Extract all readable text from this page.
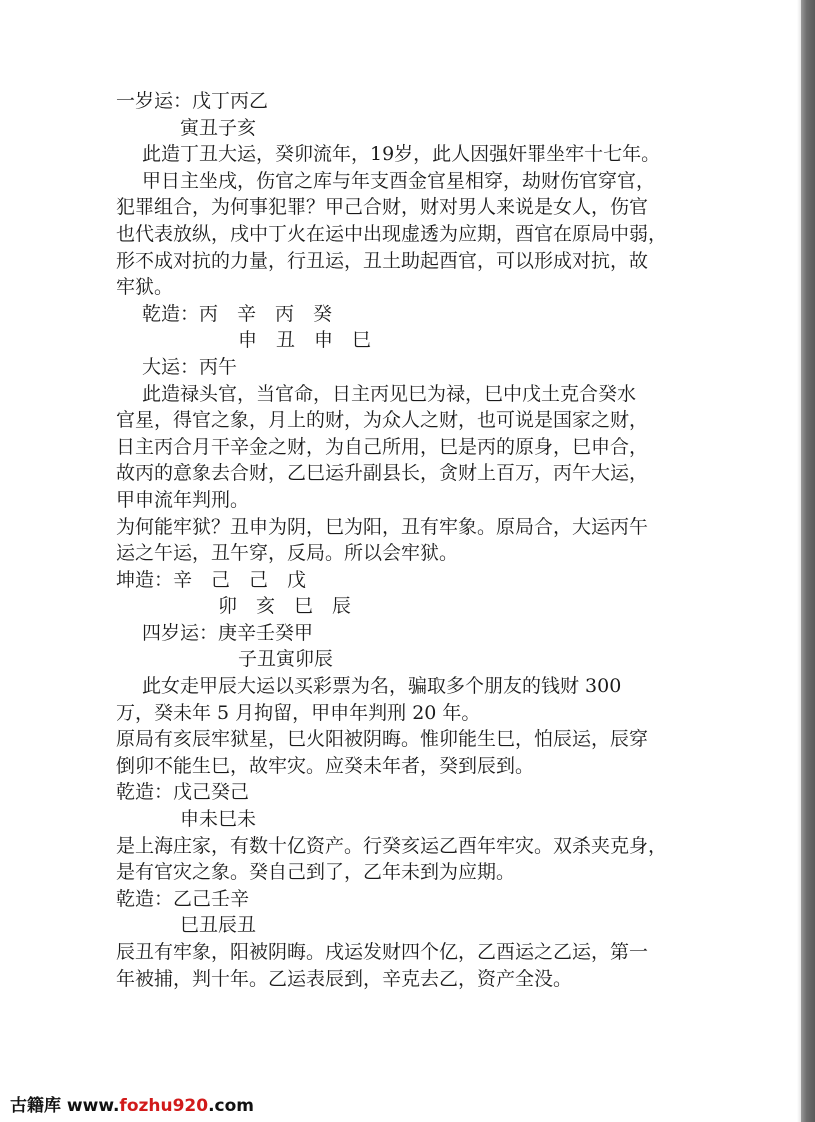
一岁运：戊丁丙乙
寅丑子亥
此造丁丑大运，癸卯流年，19岁，此人因强奸罪坐牢十七年。
甲日主坐戌，伤官之库与年支酉金官星相穿，劫财伤官穿官，
犯罪组合，为何事犯罪？甲己合财，财对男人来说是女人，伤官
也代表放纵，戌中丁火在运中出现虚透为应期，酉官在原局中弱，
形不成对抗的力量，行丑运，丑土助起酉官，可以形成对抗，故
牢狱。
乾造：丙　辛　丙　癸
申　丑　申　巳
大运：丙午
此造禄头官，当官命，日主丙见巳为禄，巳中戊土克合癸水
官星，得官之象，月上的财，为众人之财，也可说是国家之财，
日主丙合月干辛金之财，为自己所用，巳是丙的原身，巳申合，
故丙的意象去合财，乙巳运升副县长，贪财上百万，丙午大运，
甲申流年判刑。
为何能牢狱？丑申为阴，巳为阳，丑有牢象。原局合，大运丙午
运之午运，丑午穿，反局。所以会牢狱。
坤造：辛　己　己　戊
卯　亥　巳　辰
四岁运：庚辛壬癸甲
子丑寅卯辰
此女走甲辰大运以买彩票为名，骗取多个朋友的钱财 300
万，癸未年 5 月拘留，甲申年判刑 20 年。
原局有亥辰牢狱星，巳火阳被阴晦。惟卯能生巳，怕辰运，辰穿
倒卯不能生巳，故牢灾。应癸未年者，癸到辰到。
乾造：戊己癸己
申未巳未
是上海庄家，有数十亿资产。行癸亥运乙酉年牢灾。双杀夹克身，
是有官灾之象。癸自己到了，乙年未到为应期。
乾造：乙己壬辛
巳丑辰丑
辰丑有牢象，阳被阴晦。戌运发财四个亿，乙酉运之乙运，第一
年被捕，判十年。乙运表辰到，辛克去乙，资产全没。
古籍库 www.fozhu920.com
